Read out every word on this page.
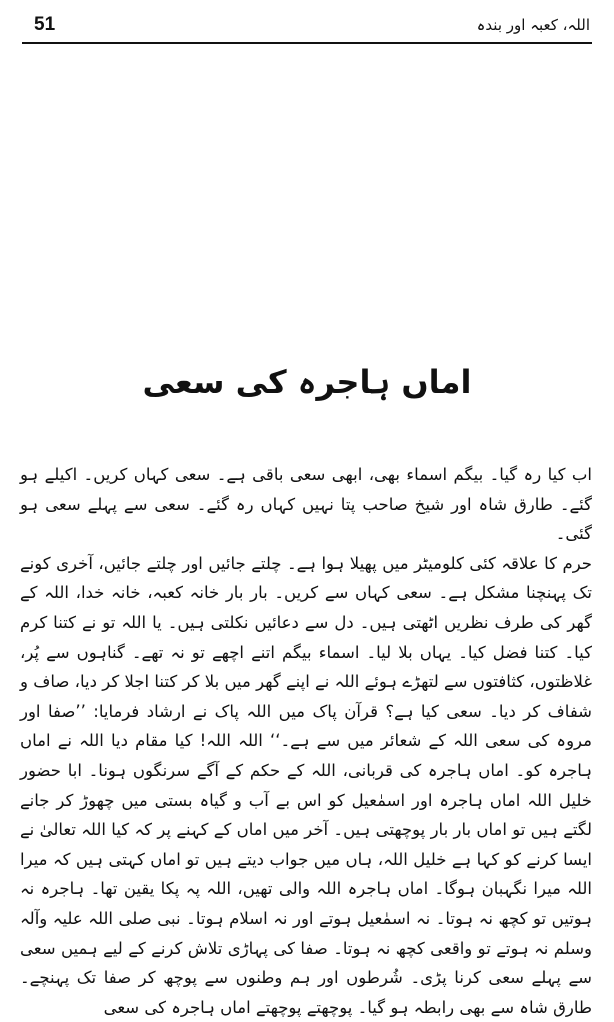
51	اللہ، کعبہ اور بندہ
اماں ہاجرہ کی سعی

اب کیا رہ گیا۔ بیگم اسماء بھی، ابھی سعی باقی ہے۔ سعی کہاں کریں۔ اکیلے ہو گئے۔ طارق شاہ اور شیخ صاحب پتا نہیں کہاں رہ گئے۔ سعی سے پہلے سعی ہو گئی۔

حرم کا علاقہ کئی کلومیٹر میں پھیلا ہوا ہے۔ چلتے جائیں اور چلتے جائیں، آخری کونے تک پہنچنا مشکل ہے۔ سعی کہاں سے کریں۔ بار بار خانہ کعبہ، خانہ خدا، اللہ کے گھر کی طرف نظریں اٹھتی ہیں۔ دل سے دعائیں نکلتی ہیں۔ یا اللہ تو نے کتنا کرم کیا۔ کتنا فضل کیا۔ یہاں بلا لیا۔ اسماء بیگم اتنے اچھے تو نہ تھے۔ گناہوں سے پُر، غلاظتوں، کثافتوں سے لتھڑے ہوئے اللہ نے اپنے گھر میں بلا کر کتنا اجلا کر دیا، صاف و شفاف کر دیا۔ سعی کیا ہے؟ قرآن پاک میں اللہ پاک نے ارشاد فرمایا: ’’صفا اور مروہ کی سعی اللہ کے شعائر میں سے ہے۔‘‘ اللہ اللہ! کیا مقام دیا اللہ نے اماں ہاجرہ کو۔ اماں ہاجرہ کی قربانی، اللہ کے حکم کے آگے سرنگوں ہونا۔ ابا حضور خلیل اللہ اماں ہاجرہ اور اسمٰعیل کو اس بے آب و گیاہ بستی میں چھوڑ کر جانے لگتے ہیں تو اماں بار بار پوچھتی ہیں۔ آخر میں اماں کے کہنے پر کہ کیا اللہ تعالیٰ نے ایسا کرنے کو کہا ہے خلیل اللہ، ہاں میں جواب دیتے ہیں تو اماں کہتی ہیں کہ میرا اللہ میرا نگہبان ہوگا۔ اماں ہاجرہ اللہ والی تھیں، اللہ پہ پکا یقین تھا۔ ہاجرہ نہ ہوتیں تو کچھ نہ ہوتا۔ نہ اسمٰعیل ہوتے اور نہ اسلام ہوتا۔ نبی صلی اللہ علیہ وآلہ وسلم نہ ہوتے تو واقعی کچھ نہ ہوتا۔ صفا کی پہاڑی تلاش کرنے کے لیے ہمیں سعی سے پہلے سعی کرنا پڑی۔ شُرطوں اور ہم وطنوں سے پوچھ کر صفا تک پہنچے۔ طارق شاہ سے بھی رابطہ ہو گیا۔ پوچھتے پوچھتے اماں ہاجرہ کی سعی
